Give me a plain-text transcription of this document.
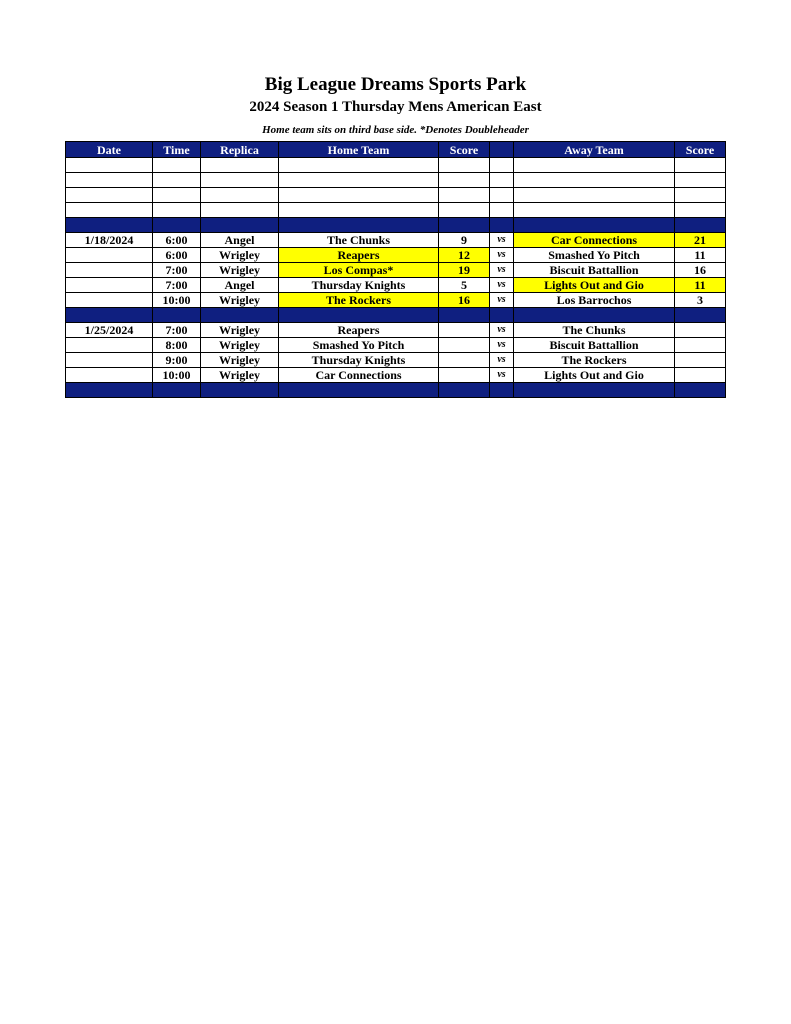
Big League Dreams Sports Park
2024 Season 1 Thursday Mens American East
Home team sits on third base side. *Denotes Doubleheader
Date	Time	Replica	Home Team	Score		Away Team	Score

1/18/2024	6:00	Angel	The Chunks	9	vs	Car Connections	21
	6:00	Wrigley	Reapers	12	vs	Smashed Yo Pitch	11
	7:00	Wrigley	Los Compas*	19	vs	Biscuit Battallion	16
	7:00	Angel	Thursday Knights	5	vs	Lights Out and Gio	11
	10:00	Wrigley	The Rockers	16	vs	Los Barrochos	3

1/25/2024	7:00	Wrigley	Reapers		vs	The Chunks	
	8:00	Wrigley	Smashed Yo Pitch		vs	Biscuit Battallion	
	9:00	Wrigley	Thursday Knights		vs	The Rockers	
	10:00	Wrigley	Car Connections		vs	Lights Out and Gio	
